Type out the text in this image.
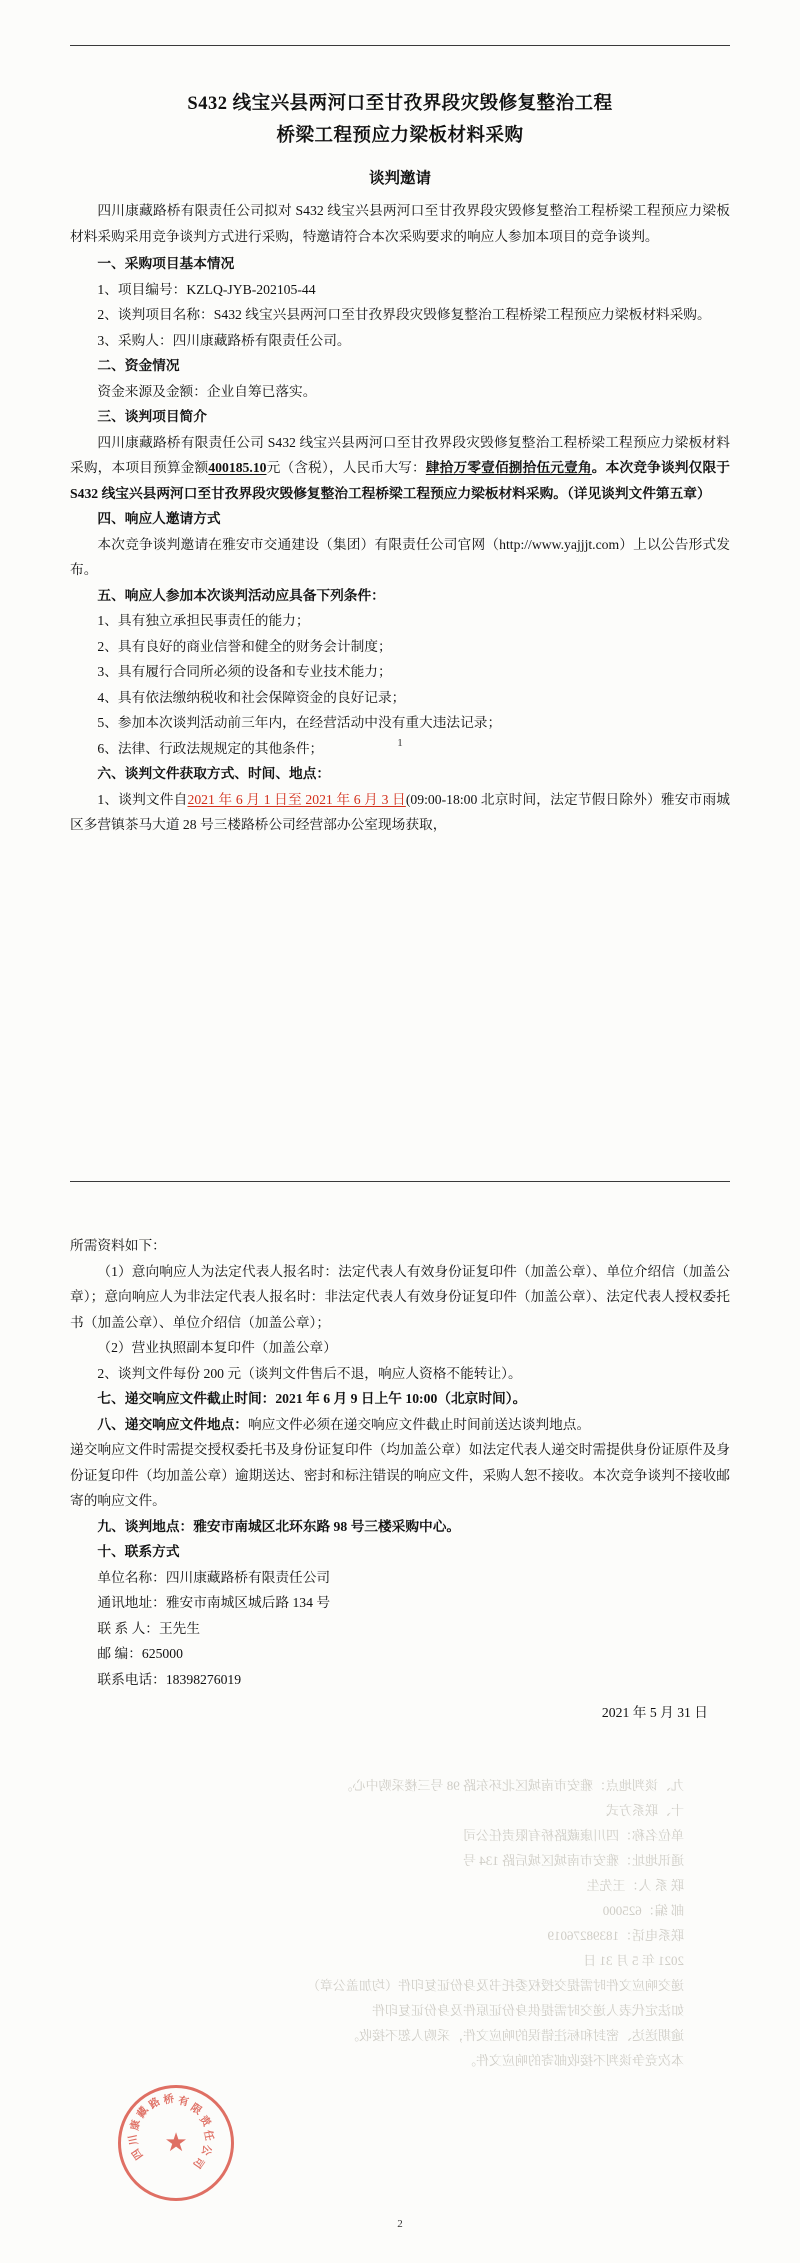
S432 线宝兴县两河口至甘孜界段灾毁修复整治工程
桥梁工程预应力梁板材料采购
谈判邀请

四川康藏路桥有限责任公司拟对 S432 线宝兴县两河口至甘孜界段灾毁修复整治工程桥梁工程预应力梁板材料采购采用竞争谈判方式进行采购，特邀请符合本次采购要求的响应人参加本项目的竞争谈判。

一、采购项目基本情况

1、项目编号：KZLQ-JYB-202105-44

2、谈判项目名称：S432 线宝兴县两河口至甘孜界段灾毁修复整治工程桥梁工程预应力梁板材料采购。

3、采购人：四川康藏路桥有限责任公司。

二、资金情况

资金来源及金额：企业自筹已落实。

三、谈判项目简介

四川康藏路桥有限责任公司 S432 线宝兴县两河口至甘孜界段灾毁修复整治工程桥梁工程预应力梁板材料采购，本项目预算金额400185.10元（含税），人民币大写：肆拾万零壹佰捌拾伍元壹角。本次竞争谈判仅限于 S432 线宝兴县两河口至甘孜界段灾毁修复整治工程桥梁工程预应力梁板材料采购。（详见谈判文件第五章）

四、响应人邀请方式

本次竞争谈判邀请在雅安市交通建设（集团）有限责任公司官网（http://www.yajjjt.com）上以公告形式发布。

五、响应人参加本次谈判活动应具备下列条件：

1、具有独立承担民事责任的能力；

2、具有良好的商业信誉和健全的财务会计制度；

3、具有履行合同所必须的设备和专业技术能力；

4、具有依法缴纳税收和社会保障资金的良好记录；

5、参加本次谈判活动前三年内，在经营活动中没有重大违法记录；

6、法律、行政法规规定的其他条件；

六、谈判文件获取方式、时间、地点：

1、谈判文件自2021 年 6 月 1 日至 2021 年 6 月 3 日(09:00-18:00 北京时间，法定节假日除外）雅安市雨城区多营镇茶马大道 28 号三楼路桥公司经营部办公室现场获取，

1
九、谈判地点：雅安市南城区北环东路 98 号三楼采购中心。
十、联系方式
单位名称：四川康藏路桥有限责任公司
通讯地址：雅安市南城区城后路 134 号
联 系 人：王先生
邮 编：625000
联系电话：18398276019
2021 年 5 月 31 日
递交响应文件时需提交授权委托书及身份证复印件（均加盖公章）
如法定代表人递交时需提供身份证原件及身份证复印件
逾期送达、密封和标注错误的响应文件，采购人恕不接收。
本次竞争谈判不接收邮寄的响应文件。

所需资料如下：

（1）意向响应人为法定代表人报名时：法定代表人有效身份证复印件（加盖公章）、单位介绍信（加盖公章）；意向响应人为非法定代表人报名时：非法定代表人有效身份证复印件（加盖公章）、法定代表人授权委托书（加盖公章）、单位介绍信（加盖公章）；

（2）营业执照副本复印件（加盖公章）

2、谈判文件每份 200 元（谈判文件售后不退，响应人资格不能转让）。

七、递交响应文件截止时间：2021 年 6 月 9 日上午 10:00（北京时间）。

八、递交响应文件地点：响应文件必须在递交响应文件截止时间前送达谈判地点。

递交响应文件时需提交授权委托书及身份证复印件（均加盖公章）如法定代表人递交时需提供身份证原件及身份证复印件（均加盖公章）逾期送达、密封和标注错误的响应文件，采购人恕不接收。本次竞争谈判不接收邮寄的响应文件。

九、谈判地点：雅安市南城区北环东路 98 号三楼采购中心。

十、联系方式

单位名称：四川康藏路桥有限责任公司

通讯地址：雅安市南城区城后路 134 号

联 系 人：王先生

邮 编：625000

联系电话：18398276019

2021 年 5 月 31 日

★
四
川
康
藏
路 桥 有
限
责
任
公
司
2
